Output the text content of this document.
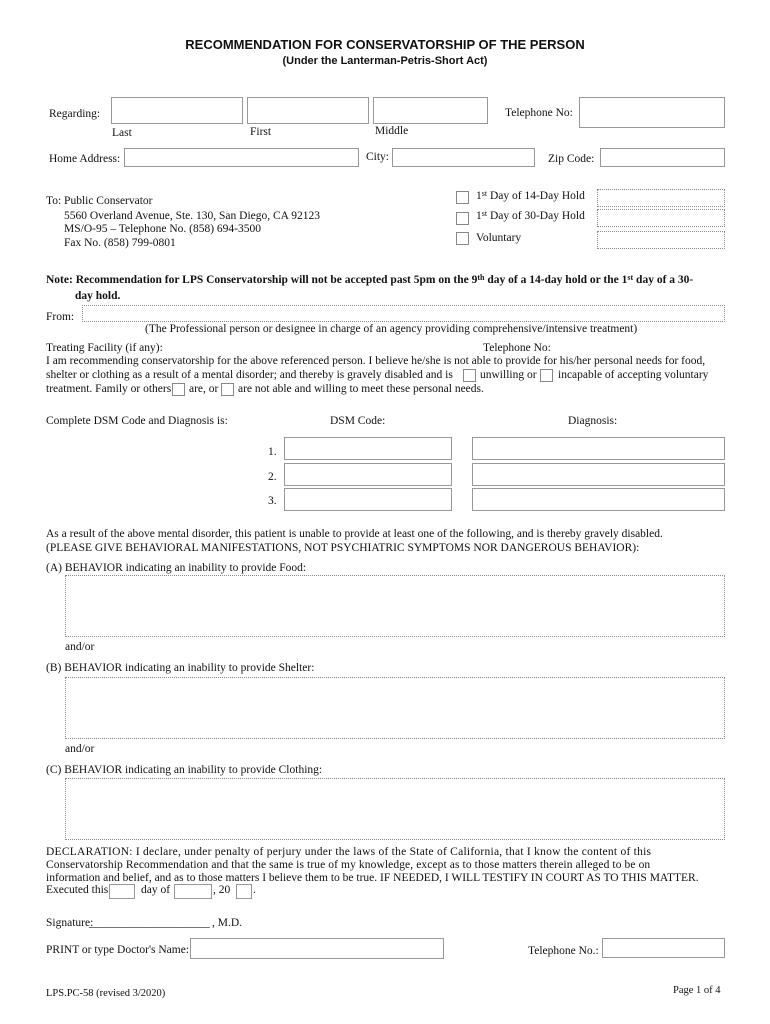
RECOMMENDATION FOR CONSERVATORSHIP OF THE PERSON
(Under the Lanterman-Petris-Short Act)
Regarding:
Last	First	Middle
Telephone No:
Home Address:	City:	Zip Code:
To: Public Conservator
5560 Overland Avenue, Ste. 130, San Diego, CA 92123
MS/O-95 – Telephone No. (858) 694-3500
Fax No. (858) 799-0801
1st Day of 14-Day Hold
1st Day of 30-Day Hold
Voluntary
Note: Recommendation for LPS Conservatorship will not be accepted past 5pm on the 9th day of a 14-day hold or the 1st day of a 30-
day hold.
From:
(The Professional person or designee in charge of an agency providing comprehensive/intensive treatment)
Treating Facility (if any):	Telephone No:
I am recommending conservatorship for the above referenced person. I believe he/she is not able to provide for his/her personal needs for food,
shelter or clothing as a result of a mental disorder; and thereby is gravely disabled and is unwilling or incapable of accepting voluntary
treatment. Family or others are, or are not able and willing to meet these personal needs.
Complete DSM Code and Diagnosis is:	DSM Code:	Diagnosis:
1.
2.
3.
As a result of the above mental disorder, this patient is unable to provide at least one of the following, and is thereby gravely disabled.
(PLEASE GIVE BEHAVIORAL MANIFESTATIONS, NOT PSYCHIATRIC SYMPTOMS NOR DANGEROUS BEHAVIOR):
(A) BEHAVIOR indicating an inability to provide Food:
and/or
(B) BEHAVIOR indicating an inability to provide Shelter:
and/or
(C) BEHAVIOR indicating an inability to provide Clothing:
DECLARATION: I declare, under penalty of perjury under the laws of the State of California, that I know the content of this
Conservatorship Recommendation and that the same is true of my knowledge, except as to those matters therein alleged to be on
information and belief, and as to those matters I believe them to be true. IF NEEDED, I WILL TESTIFY IN COURT AS TO THIS MATTER.
Executed this	day of	, 20 .
Signature:
_____________________ , M.D.
PRINT or type Doctor's Name:	Telephone No.:
LPS.PC-58 (revised 3/2020)	Page 1 of 4
